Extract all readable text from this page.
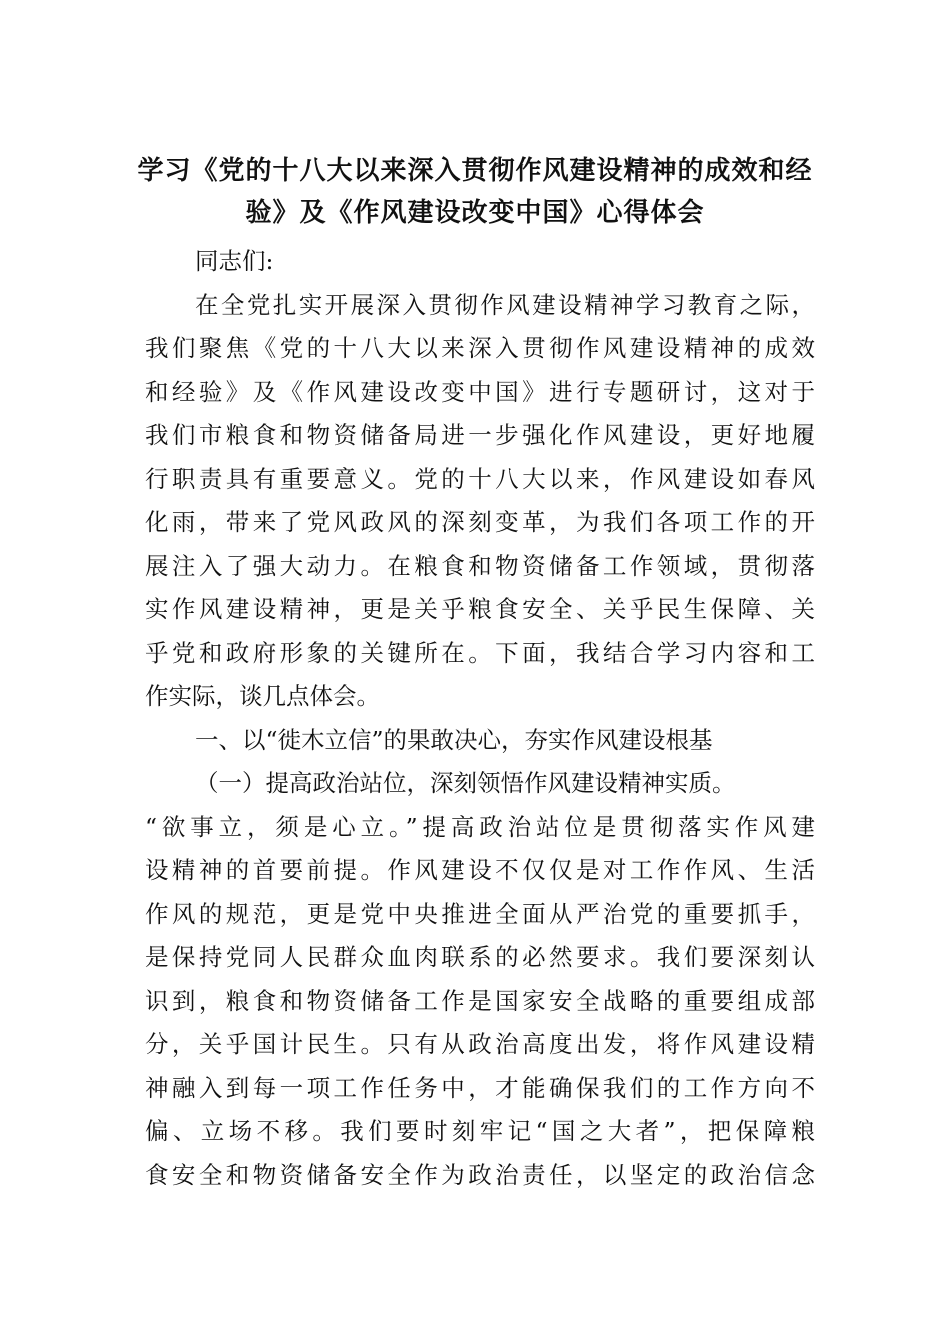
学习《党的十八大以来深入贯彻作风建设精神的成效和经
验》及《作风建设改变中国》心得体会
同志们:
在全党扎实开展深入贯彻作风建设精神学习教育之际，
我们聚焦《党的十八大以来深入贯彻作风建设精神的成效
和经验》及《作风建设改变中国》进行专题研讨，这对于
我们市粮食和物资储备局进一步强化作风建设，更好地履
行职责具有重要意义。党的十八大以来，作风建设如春风
化雨，带来了党风政风的深刻变革，为我们各项工作的开
展注入了强大动力。在粮食和物资储备工作领域，贯彻落
实作风建设精神，更是关乎粮食安全、关乎民生保障、关
乎党和政府形象的关键所在。下面，我结合学习内容和工
作实际，谈几点体会。
一、以“徙木立信”的果敢决心，夯实作风建设根基
（一）提高政治站位，深刻领悟作风建设精神实质。
“欲事立，须是心立。”提高政治站位是贯彻落实作风建
设精神的首要前提。作风建设不仅仅是对工作作风、生活
作风的规范，更是党中央推进全面从严治党的重要抓手，
是保持党同人民群众血肉联系的必然要求。我们要深刻认
识到，粮食和物资储备工作是国家安全战略的重要组成部
分，关乎国计民生。只有从政治高度出发，将作风建设精
神融入到每一项工作任务中，才能确保我们的工作方向不
偏、立场不移。我们要时刻牢记“国之大者”，把保障粮
食安全和物资储备安全作为政治责任，以坚定的政治信念
